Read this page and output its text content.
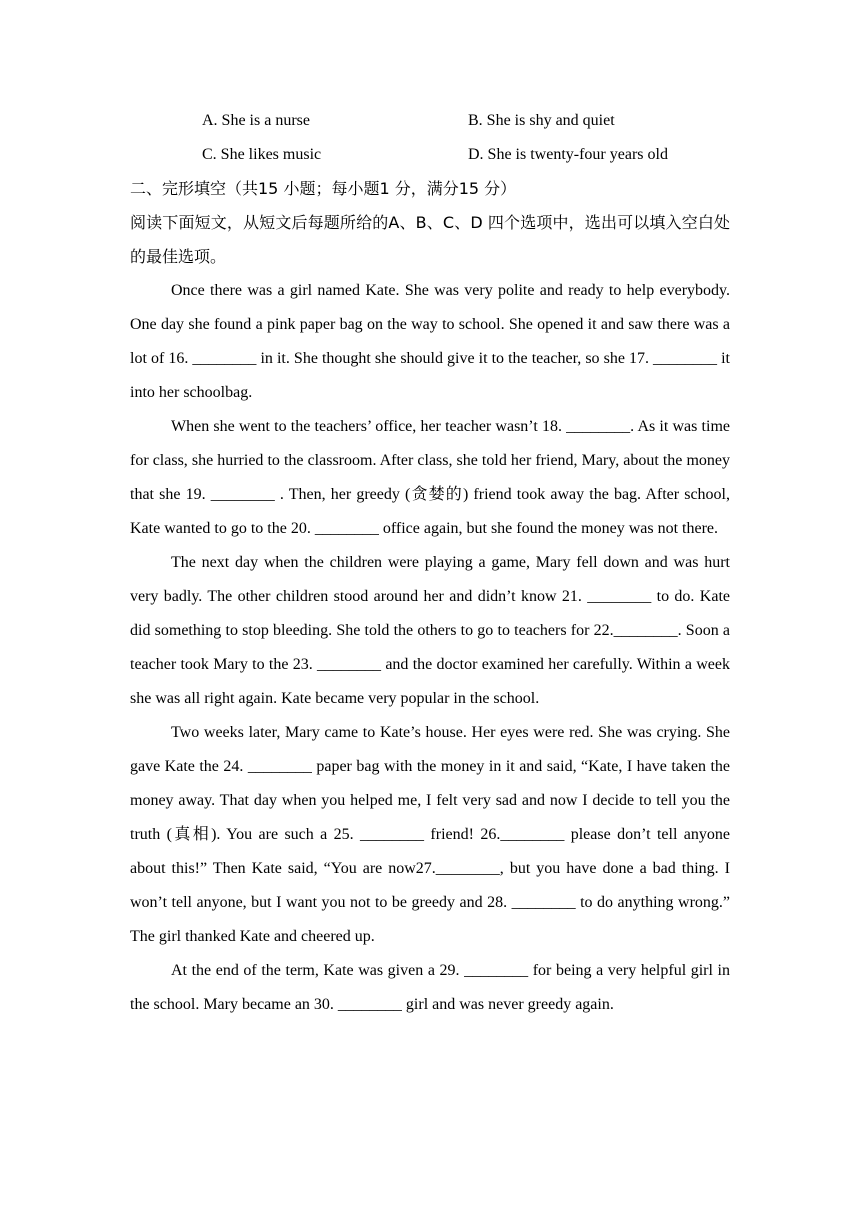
A. She is a nurse	B. She is shy and quiet
C. She likes music	D. She is twenty-four years old
二、完形填空（共15 小题；每小题1 分，满分15 分）
阅读下面短文，从短文后每题所给的A、B、C、D 四个选项中，选出可以填入空白处的最佳选项。

Once there was a girl named Kate. She was very polite and ready to help everybody. One day she found a pink paper bag on the way to school. She opened it and saw there was a lot of 16. ________ in it. She thought she should give it to the teacher, so she 17. ________ it into her schoolbag.

When she went to the teachers’ office, her teacher wasn’t 18. ________. As it was time for class, she hurried to the classroom. After class, she told her friend, Mary, about the money that she 19. ________ . Then, her greedy (贪婪的) friend took away the bag. After school, Kate wanted to go to the 20. ________ office again, but she found the money was not there.

The next day when the children were playing a game, Mary fell down and was hurt very badly. The other children stood around her and didn’t know 21. ________ to do. Kate did something to stop bleeding. She told the others to go to teachers for 22.________. Soon a teacher took Mary to the 23. ________ and the doctor examined her carefully. Within a week she was all right again. Kate became very popular in the school.

Two weeks later, Mary came to Kate’s house. Her eyes were red. She was crying. She gave Kate the 24. ________ paper bag with the money in it and said, “Kate, I have taken the money away. That day when you helped me, I felt very sad and now I decide to tell you the truth (真相). You are such a 25. ________ friend! 26.________ please don’t tell anyone about this!” Then Kate said, “You are now27.________, but you have done a bad thing. I won’t tell anyone, but I want you not to be greedy and 28. ________ to do anything wrong.” The girl thanked Kate and cheered up.

At the end of the term, Kate was given a 29. ________ for being a very helpful girl in the school. Mary became an 30. ________ girl and was never greedy again.
